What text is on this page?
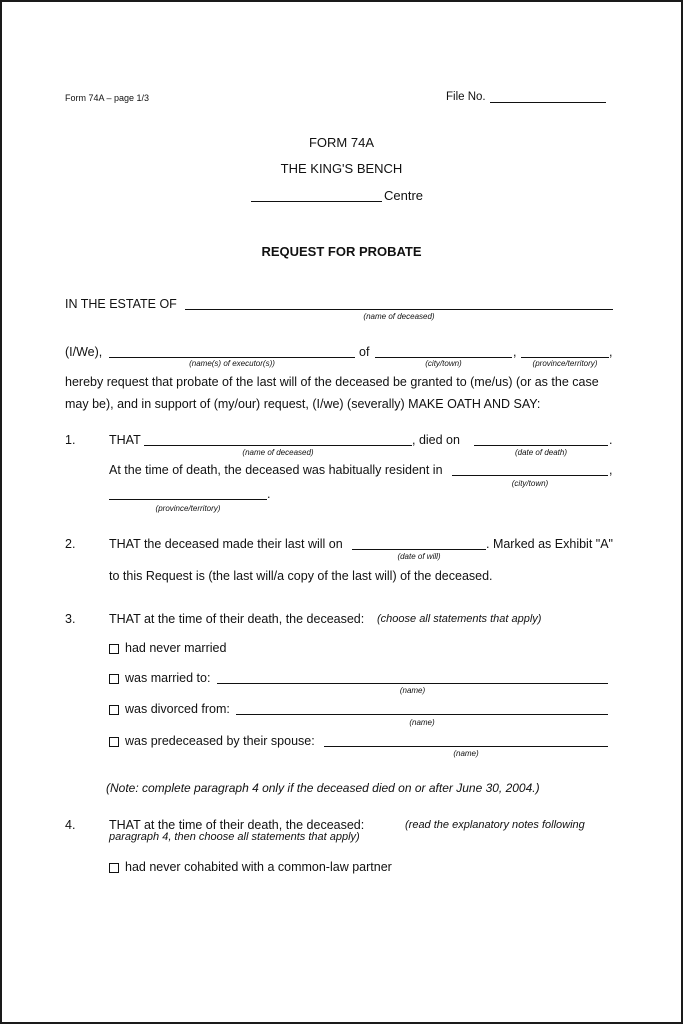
Form 74A – page 1/3	File No.
FORM 74A
THE KING'S BENCH
Centre
REQUEST FOR PROBATE
IN THE ESTATE OF
(name of deceased)
(I/We),
(name(s) of executor(s))
of
(city/town)
,
(province/territory)
,
hereby request that probate of the last will of the deceased be granted to (me/us) (or as the case
may be), and in support of (my/our) request, (I/we) (severally) MAKE OATH AND SAY:
1.	THAT
(name of deceased)
, died on
(date of death)
.
At the time of death, the deceased was habitually resident in
(city/town)
,
.
(province/territory)
2.	THAT the deceased made their last will on
(date of will)
. Marked as Exhibit "A"
to this Request is (the last will/a copy of the last will) of the deceased.
3.	THAT at the time of their death, the deceased: (choose all statements that apply)
had never married
was married to:
(name)
was divorced from:
(name)
was predeceased by their spouse:
(name)
(Note: complete paragraph 4 only if the deceased died on or after June 30, 2004.)
4.	THAT at the time of their death, the deceased:	(read the explanatory notes following
paragraph 4, then choose all statements that apply)
had never cohabited with a common-law partner
